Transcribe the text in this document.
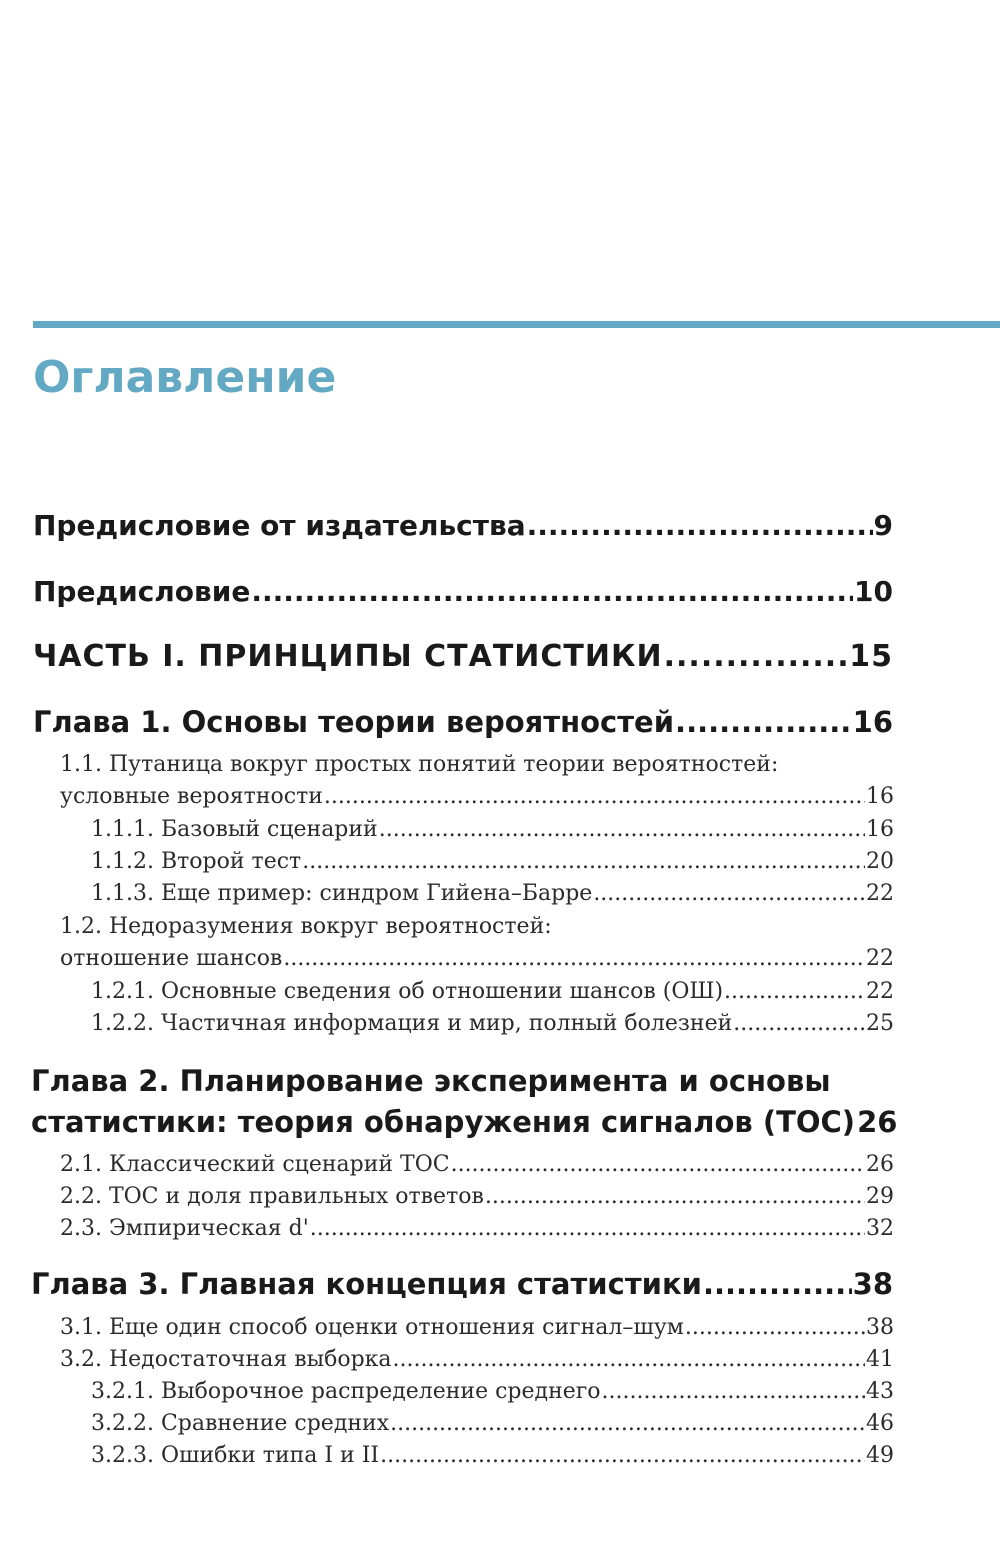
Оглавление
Предисловие от издательства .....	9
Предисловие .....	10
ЧАСТЬ I. ПРИНЦИПЫ СТАТИСТИКИ .....	15
Глава 1. Основы теории вероятностей .....	16
1.1. Путаница вокруг простых понятий теории вероятностей:
условные вероятности .....	16
1.1.1. Базовый сценарий .....	16
1.1.2. Второй тест .....	20
1.1.3. Еще пример: синдром Гийена–Барре .....	22
1.2. Недоразумения вокруг вероятностей:
отношение шансов .....	22
1.2.1. Основные сведения об отношении шансов (ОШ) .....	22
1.2.2. Частичная информация и мир, полный болезней .....	25
Глава 2. Планирование эксперимента и основы
статистики: теория обнаружения сигналов (ТОС) 26
2.1. Классический сценарий ТОС .....	26
2.2. ТОС и доля правильных ответов .....	29
2.3. Эмпирическая d' .....	32
Глава 3. Главная концепция статистики .....	38
3.1. Еще один способ оценки отношения сигнал–шум .....	38
3.2. Недостаточная выборка .....	41
3.2.1. Выборочное распределение среднего .....	43
3.2.2. Сравнение средних .....	46
3.2.3. Ошибки типа I и II .....	49
